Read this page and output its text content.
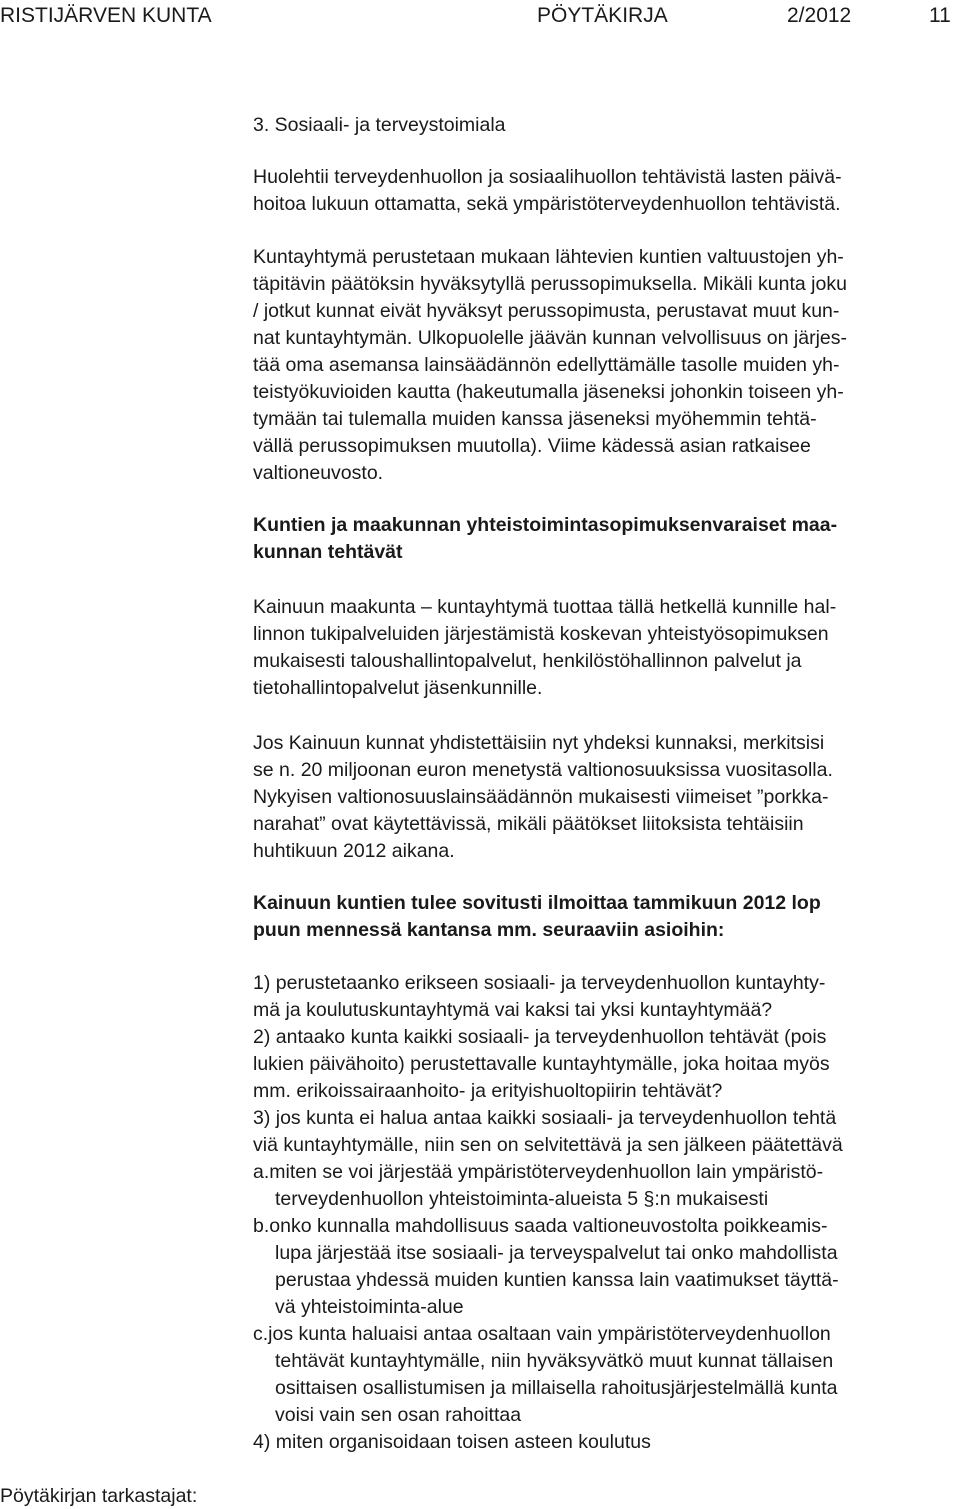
RISTIJÄRVEN KUNTA	PÖYTÄKIRJA	2/2012	11
3. Sosiaali- ja terveystoimiala
Huolehtii terveydenhuollon ja sosiaalihuollon tehtävistä lasten päivä-
hoitoa lukuun ottamatta, sekä ympäristöterveydenhuollon tehtävistä.
Kuntayhtymä perustetaan mukaan lähtevien kuntien valtuustojen yh-
täpitävin päätöksin hyväksytyllä perussopimuksella. Mikäli kunta joku
/ jotkut kunnat eivät hyväksyt perussopimusta, perustavat muut kun-
nat kuntayhtymän. Ulkopuolelle jäävän kunnan velvollisuus on järjes-
tää oma asemansa lainsäädännön edellyttämälle tasolle muiden yh-
teistyökuvioiden kautta (hakeutumalla jäseneksi johonkin toiseen yh-
tymään tai tulemalla muiden kanssa jäseneksi myöhemmin tehtä-
vällä perussopimuksen muutolla). Viime kädessä asian ratkaisee
valtioneuvosto.
Kuntien ja maakunnan yhteistoimintasopimuksenvaraiset maa-
kunnan tehtävät
Kainuun maakunta – kuntayhtymä tuottaa tällä hetkellä kunnille hal-
linnon tukipalveluiden järjestämistä koskevan yhteistyösopimuksen
mukaisesti taloushallintopalvelut, henkilöstöhallinnon palvelut ja
tietohallintopalvelut jäsenkunnille.
Jos Kainuun kunnat yhdistettäisiin nyt yhdeksi kunnaksi, merkitsisi
se n. 20 miljoonan euron menetystä valtionosuuksissa vuositasolla.
Nykyisen valtionosuuslainsäädännön mukaisesti viimeiset ”porkka-
narahat” ovat käytettävissä, mikäli päätökset liitoksista tehtäisiin
huhtikuun 2012 aikana.
Kainuun kuntien tulee sovitusti ilmoittaa tammikuun 2012 lop
puun mennessä kantansa mm. seuraaviin asioihin:
1) perustetaanko erikseen sosiaali- ja terveydenhuollon kuntayhty-
mä ja koulutuskuntayhtymä vai kaksi tai yksi kuntayhtymää?
2) antaako kunta kaikki sosiaali- ja terveydenhuollon tehtävät (pois
lukien päivähoito) perustettavalle kuntayhtymälle, joka hoitaa myös
mm. erikoissairaanhoito- ja erityishuoltopiirin tehtävät?
3) jos kunta ei halua antaa kaikki sosiaali- ja terveydenhuollon tehtä
viä kuntayhtymälle, niin sen on selvitettävä ja sen jälkeen päätettävä
a.miten se voi järjestää ympäristöterveydenhuollon lain ympäristö-
terveydenhuollon yhteistoiminta-alueista 5 §:n mukaisesti
b.onko kunnalla mahdollisuus saada valtioneuvostolta poikkeamis-
lupa järjestää itse sosiaali- ja terveyspalvelut tai onko mahdollista
perustaa yhdessä muiden kuntien kanssa lain vaatimukset täyttä-
vä yhteistoiminta-alue
c.jos kunta haluaisi antaa osaltaan vain ympäristöterveydenhuollon
tehtävät kuntayhtymälle, niin hyväksyvätkö muut kunnat tällaisen
osittaisen osallistumisen ja millaisella rahoitusjärjestelmällä kunta
voisi vain sen osan rahoittaa
4) miten organisoidaan toisen asteen koulutus
Pöytäkirjan tarkastajat:
